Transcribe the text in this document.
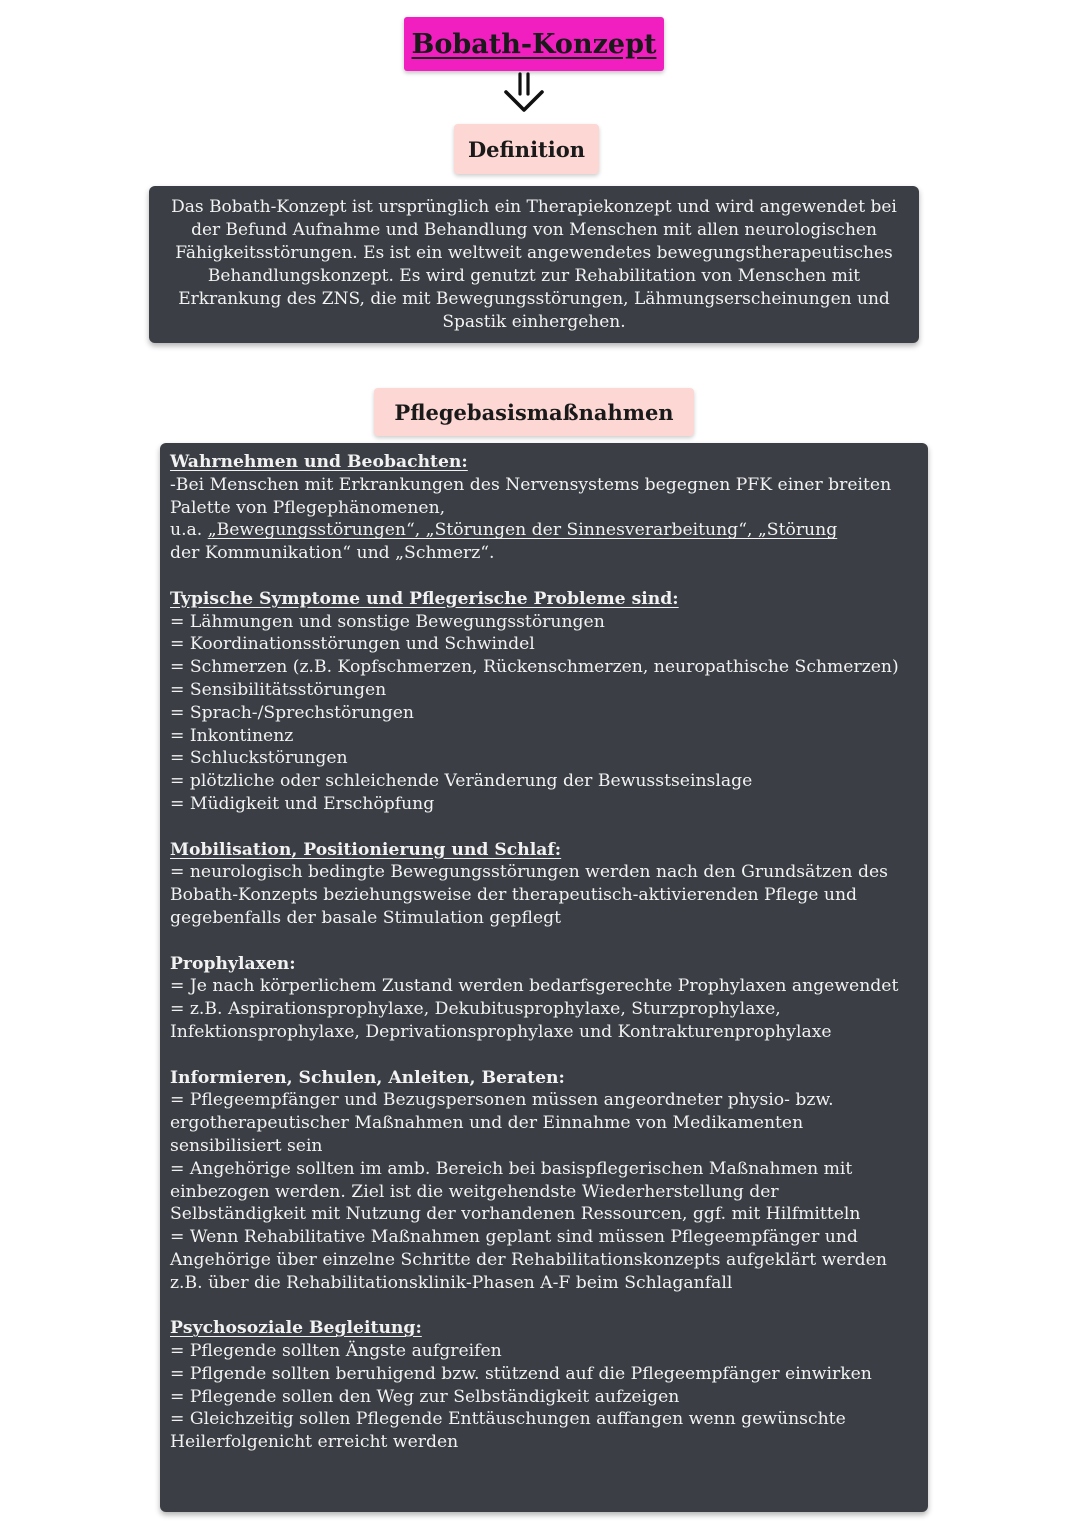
Bobath-Konzept
Definition
Das Bobath-Konzept ist ursprünglich ein Therapiekonzept und wird angewendet bei der Befund Aufnahme und Behandlung von Menschen mit allen neurologischen Fähigkeitsstörungen. Es ist ein weltweit angewendetes bewegungstherapeutisches Behandlungskonzept. Es wird genutzt zur Rehabilitation von Menschen mit Erkrankung des ZNS, die mit Bewegungsstörungen, Lähmungserscheinungen und Spastik einhergehen.
Pflegebasismaßnahmen
Wahrnehmen und Beobachten:
-Bei Menschen mit Erkrankungen des Nervensystems begegnen PFK einer breiten Palette von Pflegephänomenen,
u.a. „Bewegungsstörungen“, „Störungen der Sinnesverarbeitung“, „Störung
der Kommunikation“ und „Schmerz“.
Typische Symptome und Pflegerische Probleme sind:
= Lähmungen und sonstige Bewegungsstörungen
= Koordinationsstörungen und Schwindel
= Schmerzen (z.B. Kopfschmerzen, Rückenschmerzen, neuropathische Schmerzen)
= Sensibilitätsstörungen
= Sprach-/Sprechstörungen
= Inkontinenz
= Schluckstörungen
= plötzliche oder schleichende Veränderung der Bewusstseinslage
= Müdigkeit und Erschöpfung
Mobilisation, Positionierung und Schlaf:
= neurologisch bedingte Bewegungsstörungen werden nach den Grundsätzen des Bobath-Konzepts beziehungsweise der therapeutisch-aktivierenden Pflege und gegebenfalls der basale Stimulation gepflegt
Prophylaxen:
= Je nach körperlichem Zustand werden bedarfsgerechte Prophylaxen angewendet
= z.B. Aspirationsprophylaxe, Dekubitusprophylaxe, Sturzprophylaxe, Infektionsprophylaxe, Deprivationsprophylaxe und Kontrakturenprophylaxe
Informieren, Schulen, Anleiten, Beraten:
= Pflegeempfänger und Bezugspersonen müssen angeordneter physio- bzw. ergotherapeutischer Maßnahmen und der Einnahme von Medikamenten sensibilisiert sein
= Angehörige sollten im amb. Bereich bei basispflegerischen Maßnahmen mit einbezogen werden. Ziel ist die weitgehendste Wiederherstellung der Selbständigkeit mit Nutzung der vorhandenen Ressourcen, ggf. mit Hilfmitteln
= Wenn Rehabilitative Maßnahmen geplant sind müssen Pflegeempfänger und Angehörige über einzelne Schritte der Rehabilitationskonzepts aufgeklärt werden z.B. über die Rehabilitationsklinik-Phasen A-F beim Schlaganfall
Psychosoziale Begleitung:
= Pflegende sollten Ängste aufgreifen
= Pflgende sollten beruhigend bzw. stützend auf die Pflegeempfänger einwirken
= Pflegende sollen den Weg zur Selbständigkeit aufzeigen
= Gleichzeitig sollen Pflegende Enttäuschungen auffangen wenn gewünschte Heilerfolgenicht erreicht werden
